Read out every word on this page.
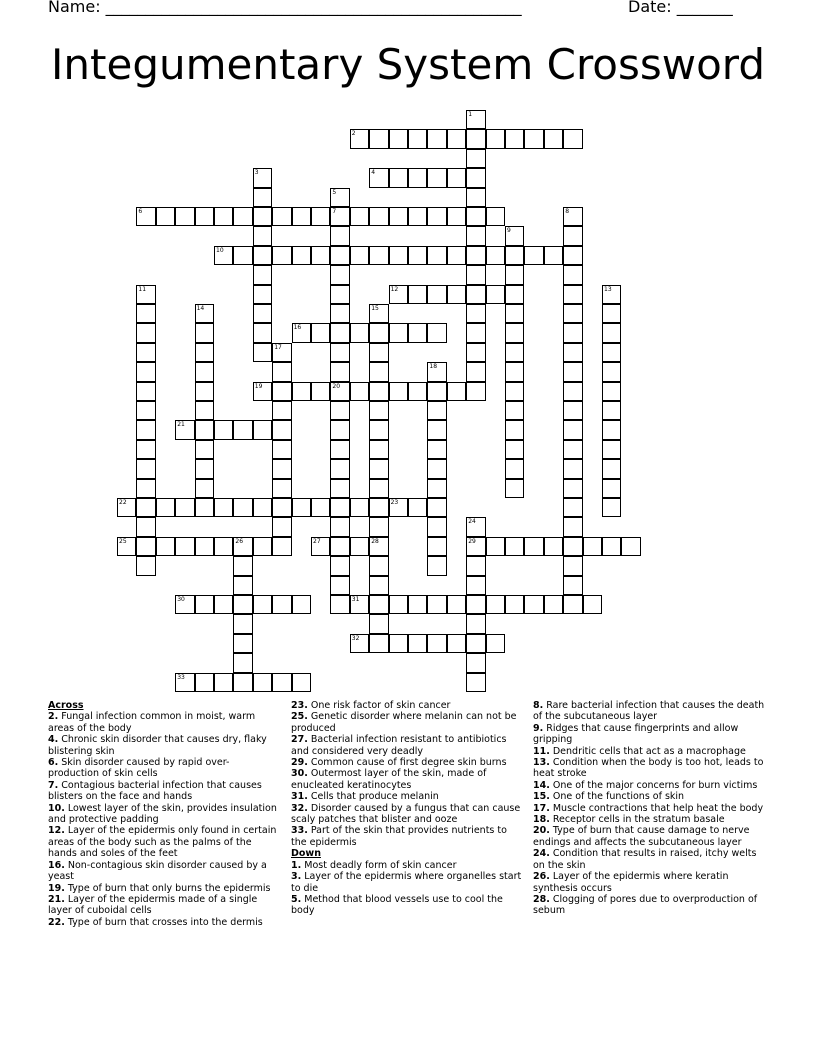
Name: ____________________________________________________	Date: _______
Integumentary System Crossword
1
2
3	4
5
7
20
6	8
9
10
11	12	13
14	15
28
16
17
18
19
21
22	23
24
29
25	26	27
30	31
32
33
Across
2. Fungal infection common in moist, warm areas of the body
4. Chronic skin disorder that causes dry, flaky blistering skin
6. Skin disorder caused by rapid over-production of skin cells
7. Contagious bacterial infection that causes blisters on the face and hands
10. Lowest layer of the skin, provides insulation and protective padding
12. Layer of the epidermis only found in certain areas of the body such as the palms of the hands and soles of the feet
16. Non-contagious skin disorder caused by a yeast
19. Type of burn that only burns the epidermis
21. Layer of the epidermis made of a single layer of cuboidal cells
22. Type of burn that crosses into the dermis
23. One risk factor of skin cancer
25. Genetic disorder where melanin can not be produced
27. Bacterial infection resistant to antibiotics and considered very deadly
29. Common cause of first degree skin burns
30. Outermost layer of the skin, made of enucleated keratinocytes
31. Cells that produce melanin
32. Disorder caused by a fungus that can cause scaly patches that blister and ooze
33. Part of the skin that provides nutrients to the epidermis
Down
1. Most deadly form of skin cancer
3. Layer of the epidermis where organelles start to die
5. Method that blood vessels use to cool the body
8. Rare bacterial infection that causes the death of the subcutaneous layer
9. Ridges that cause fingerprints and allow gripping
11. Dendritic cells that act as a macrophage
13. Condition when the body is too hot, leads to heat stroke
14. One of the major concerns for burn victims
15. One of the functions of skin
17. Muscle contractions that help heat the body
18. Receptor cells in the stratum basale
20. Type of burn that cause damage to nerve endings and affects the subcutaneous layer
24. Condition that results in raised, itchy welts on the skin
26. Layer of the epidermis where keratin synthesis occurs
28. Clogging of pores due to overproduction of sebum
